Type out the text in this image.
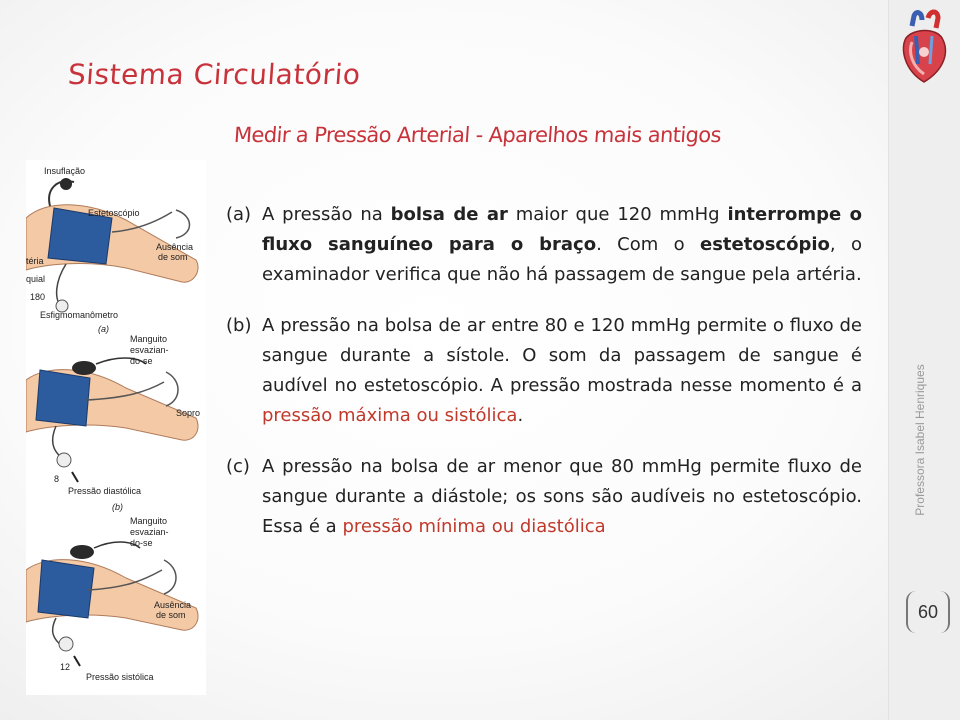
Professora Isabel Henriques
60
Sistema Circulatório
Medir a Pressão Arterial - Aparelhos mais antigos
Insuflação
Estetoscópio
Ausência
de som
téria
quial
180
Esfigmomanômetro
(a)
Manguito
esvazian-
do-se
Sopro
8
Pressão diastólica
(b)
Manguito
esvazian-
do-se
Ausência
de som
12
Pressão sistólica
(a) A pressão na bolsa de ar maior que 120 mmHg interrompe o fluxo sanguíneo para o braço. Com o estetoscópio, o examinador verifica que não há passagem de sangue pela artéria.
(b) A pressão na bolsa de ar entre 80 e 120 mmHg permite o fluxo de sangue durante a sístole. O som da passagem de sangue é audível no estetoscópio. A pressão mostrada nesse momento é a pressão máxima ou sistólica.
(c) A pressão na bolsa de ar menor que 80 mmHg permite fluxo de sangue durante a diástole; os sons são audíveis no estetoscópio. Essa é a pressão mínima ou diastólica
